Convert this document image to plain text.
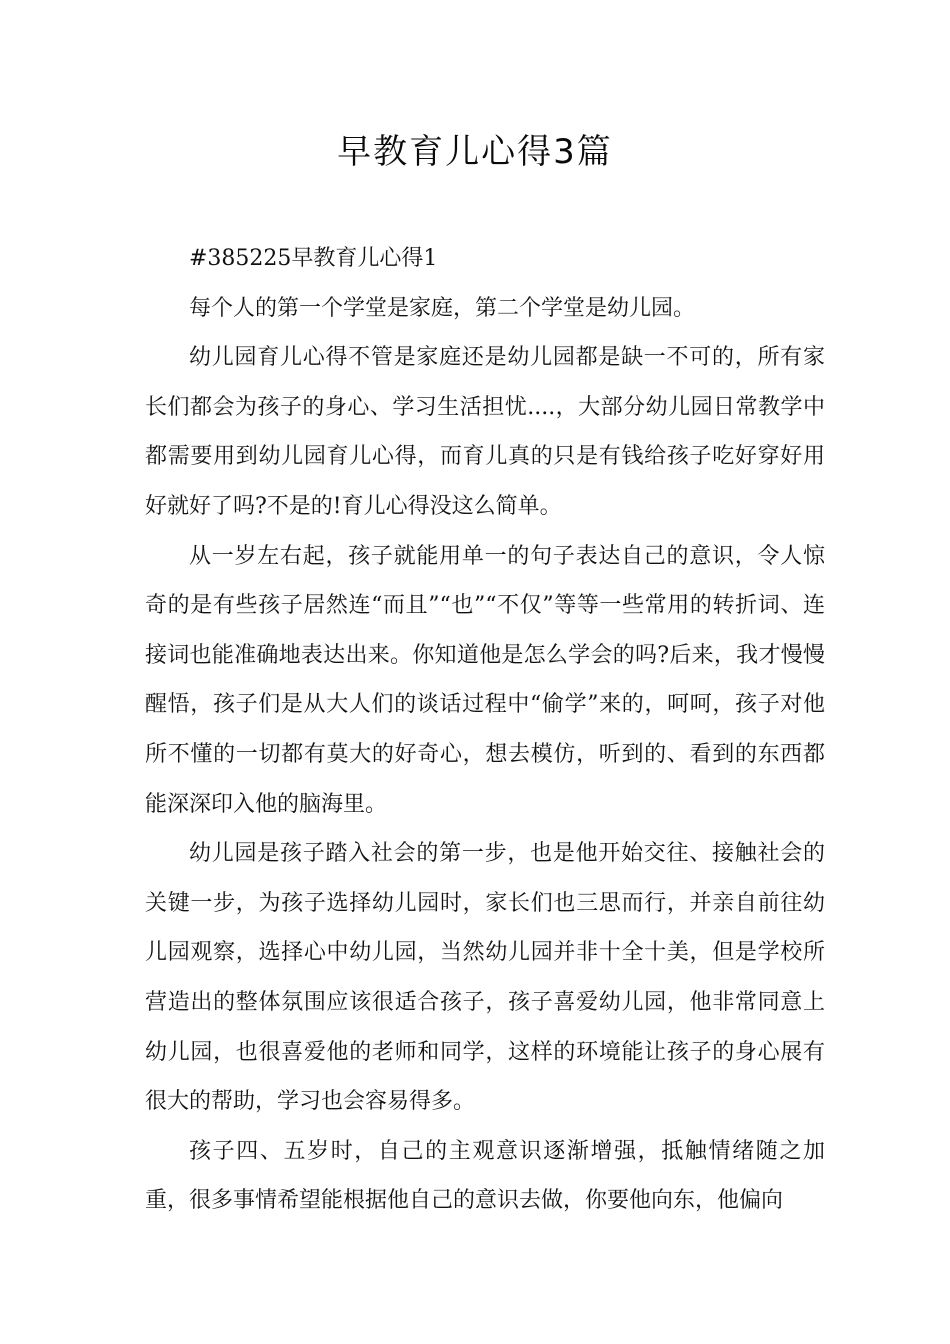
早教育儿心得3篇

#385225早教育儿心得1

每个人的第一个学堂是家庭，第二个学堂是幼儿园。

幼儿园育儿心得不管是家庭还是幼儿园都是缺一不可的，所有家长们都会为孩子的身心、学习生活担忧....，大部分幼儿园日常教学中都需要用到幼儿园育儿心得，而育儿真的只是有钱给孩子吃好穿好用好就好了吗?不是的!育儿心得没这么简单。

从一岁左右起，孩子就能用单一的句子表达自己的意识，令人惊奇的是有些孩子居然连“而且”“也”“不仅”等等一些常用的转折词、连接词也能准确地表达出来。你知道他是怎么学会的吗?后来，我才慢慢醒悟，孩子们是从大人们的谈话过程中“偷学”来的，呵呵，孩子对他所不懂的一切都有莫大的好奇心，想去模仿，听到的、看到的东西都能深深印入他的脑海里。

幼儿园是孩子踏入社会的第一步，也是他开始交往、接触社会的关键一步，为孩子选择幼儿园时，家长们也三思而行，并亲自前往幼儿园观察，选择心中幼儿园，当然幼儿园并非十全十美，但是学校所营造出的整体氛围应该很适合孩子，孩子喜爱幼儿园，他非常同意上幼儿园，也很喜爱他的老师和同学，这样的环境能让孩子的身心展有很大的帮助，学习也会容易得多。

孩子四、五岁时，自己的主观意识逐渐增强，抵触情绪随之加重，很多事情希望能根据他自己的意识去做，你要他向东，他偏向
